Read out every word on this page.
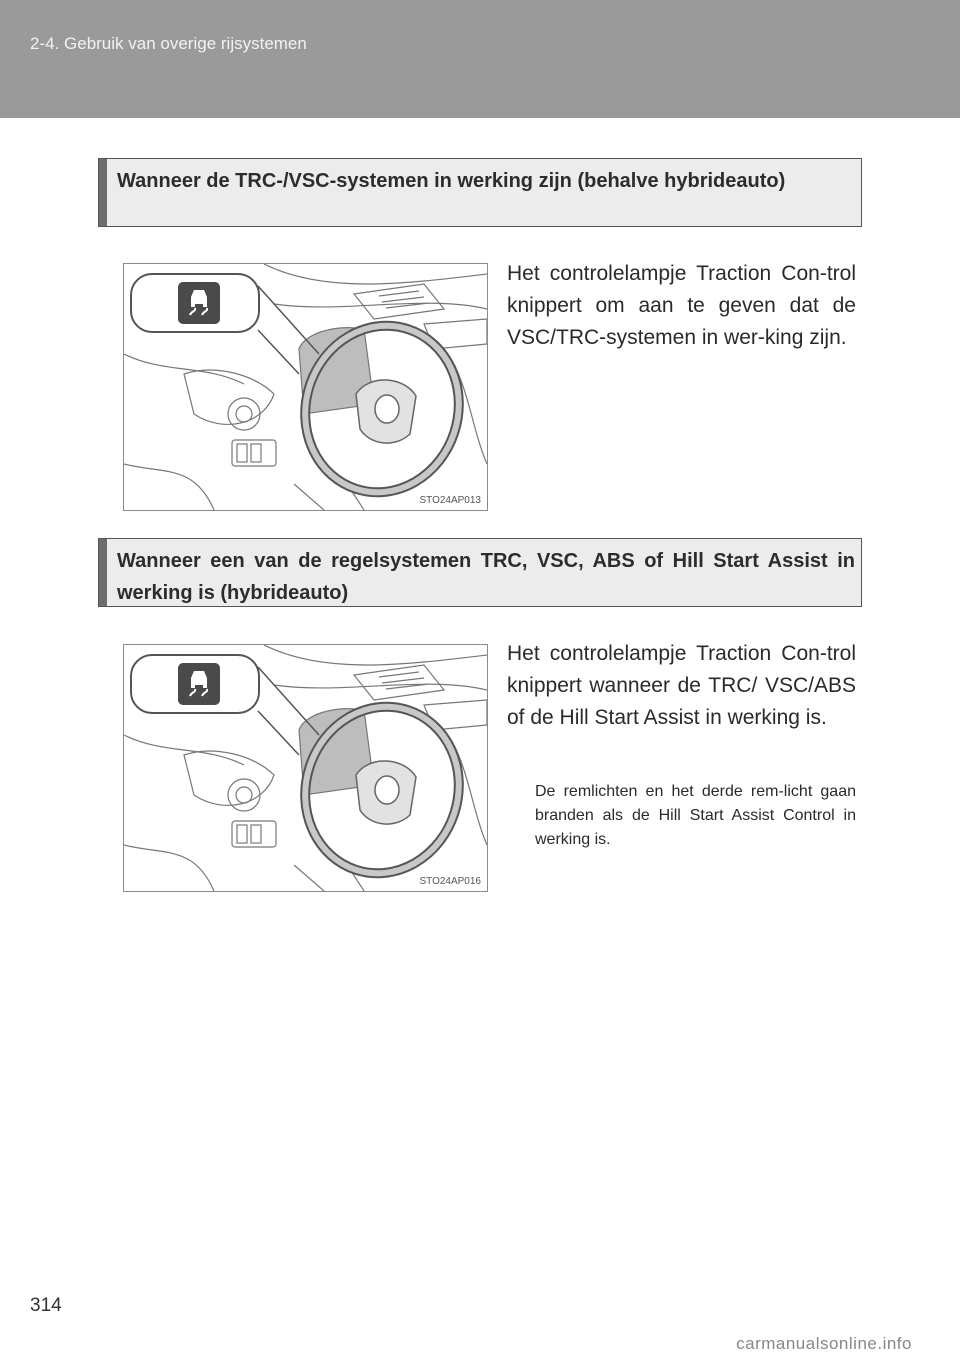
2-4. Gebruik van overige rijsystemen
Wanneer de TRC-/VSC-systemen in werking zijn (behalve hybrideauto)
STO24AP013
Het controlelampje Traction Con-trol knippert om aan te geven dat de VSC/TRC-systemen in wer-king zijn.
Wanneer een van de regelsystemen TRC, VSC, ABS of Hill Start Assist in werking is (hybrideauto)
STO24AP016
Het controlelampje Traction Con-trol knippert wanneer de TRC/ VSC/ABS of de Hill Start Assist in werking is.
De remlichten en het derde rem-licht gaan branden als de Hill Start Assist Control in werking is.
314
carmanualsonline.info
